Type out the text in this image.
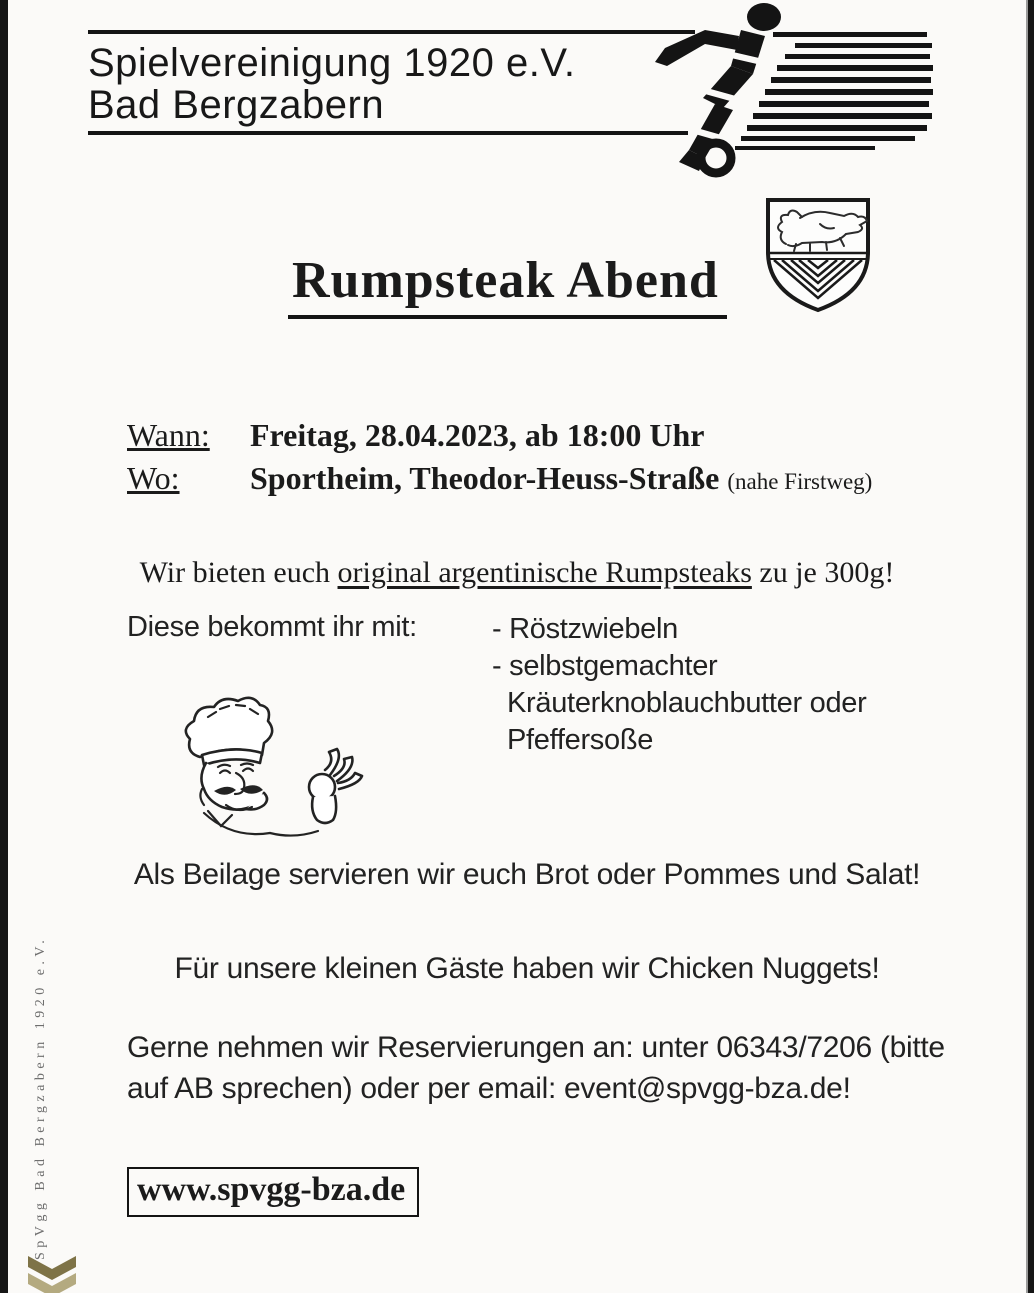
Spielvereinigung 1920 e.V.
Bad Bergzabern
Rumpsteak Abend
Wann: Freitag, 28.04.2023, ab 18:00 Uhr
Wo: Sportheim, Theodor-Heuss-Straße (nahe Firstweg)
Wir bieten euch original argentinische Rumpsteaks zu je 300g!
Diese bekommt ihr mit:	- Röstzwiebeln
- selbstgemachter
Kräuterknoblauchbutter oder
Pfeffersoße
Als Beilage servieren wir euch Brot oder Pommes und Salat!
Für unsere kleinen Gäste haben wir Chicken Nuggets!
Gerne nehmen wir Reservierungen an: unter 06343/7206 (bitte
auf AB sprechen) oder per email: event@spvgg-bza.de!
www.spvgg-bza.de
SpVgg Bad Bergzabern 1920 e.V.
